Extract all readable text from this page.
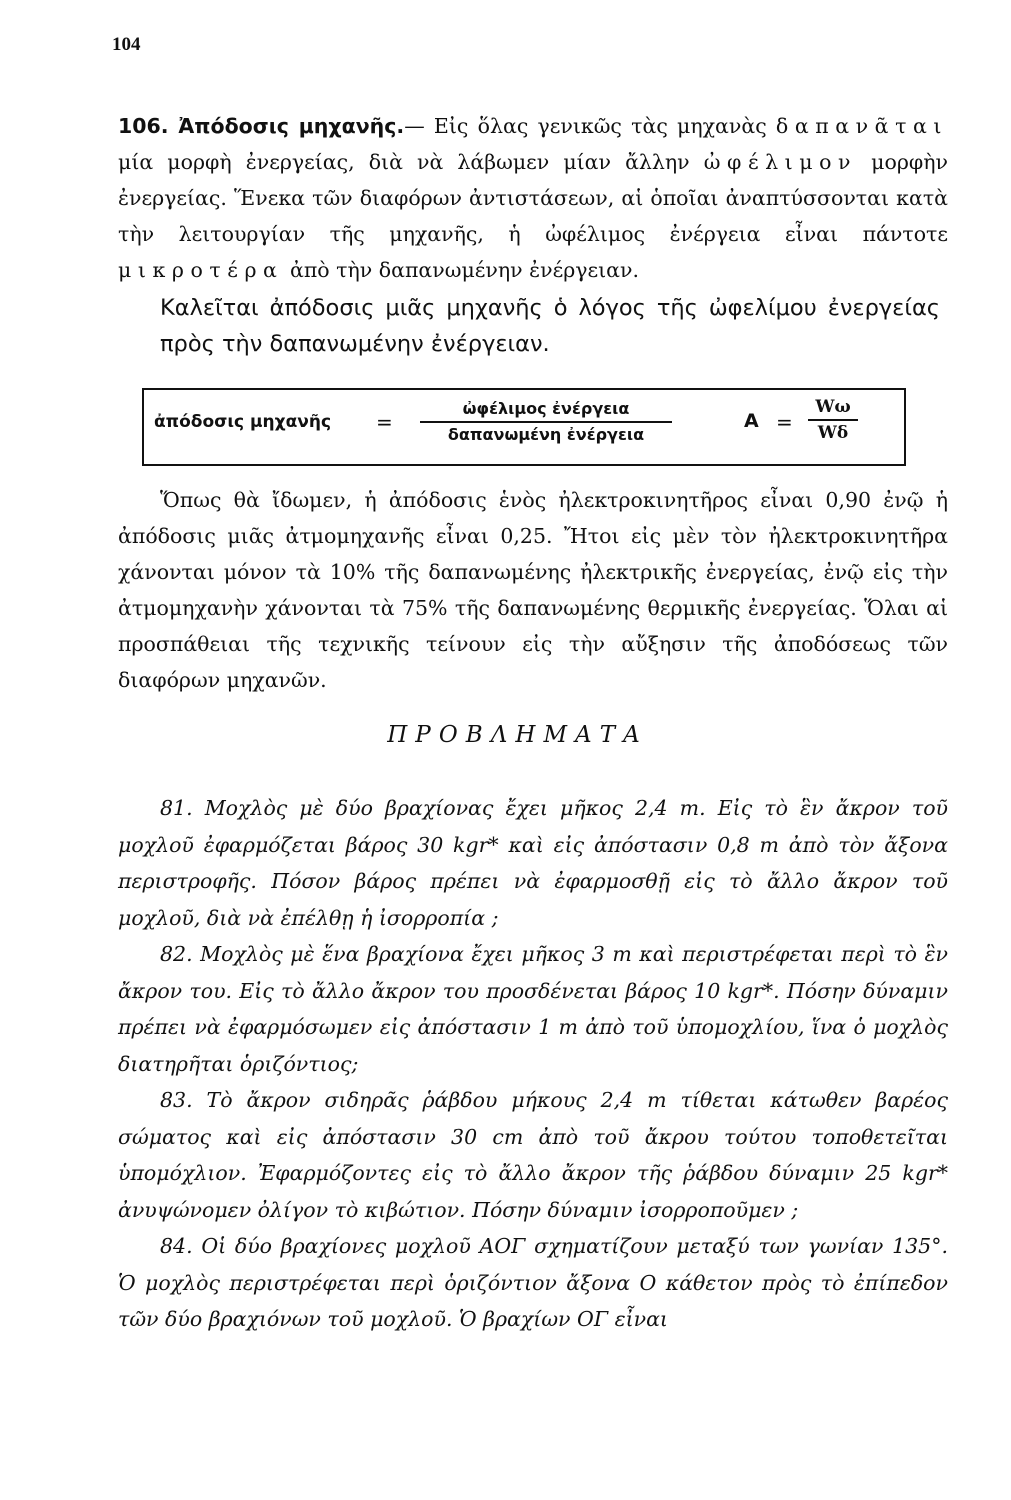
104
106. Ἀπόδοσις μηχανῆς.— Εἰς ὅλας γενικῶς τὰς μηχανὰς δαπανᾶται μία μορφὴ ἐνεργείας, διὰ νὰ λάβωμεν μίαν ἄλλην ὠφέλιμον μορφὴν ἐνεργείας. Ἕνεκα τῶν διαφόρων ἀντιστάσεων, αἱ ὁποῖαι ἀναπτύσσονται κατὰ τὴν λειτουργίαν τῆς μηχανῆς, ἡ ὠφέλιμος ἐνέργεια εἶναι πάντοτε μικροτέρα ἀπὸ τὴν δαπανωμένην ἐνέργειαν.
Καλεῖται ἀπόδοσις μιᾶς μηχανῆς ὁ λόγος τῆς ὠφελίμου ἐνεργείας πρὸς τὴν δαπανωμένην ἐνέργειαν.
ἀπόδοσις μηχανῆς =
ὠφέλιμος ἐνέργεια
δαπανωμένη ἐνέργεια
A =
Wω
Wδ
Ὅπως θὰ ἴδωμεν, ἡ ἀπόδοσις ἑνὸς ἠλεκτροκινητῆρος εἶναι 0,90 ἐνῷ ἡ ἀπόδοσις μιᾶς ἀτμομηχανῆς εἶναι 0,25. Ἤτοι εἰς μὲν τὸν ἠλεκτροκινητῆρα χάνονται μόνον τὰ 10% τῆς δαπανωμένης ἠλεκτρικῆς ἐνεργείας, ἐνῷ εἰς τὴν ἀτμομηχανὴν χάνονται τὰ 75% τῆς δαπανωμένης θερμικῆς ἐνεργείας. Ὅλαι αἱ προσπάθειαι τῆς τεχνικῆς τείνουν εἰς τὴν αὔξησιν τῆς ἀποδόσεως τῶν διαφόρων μηχανῶν.
ΠΡΟΒΛΗΜΑΤΑ

81. Μοχλὸς μὲ δύο βραχίονας ἔχει μῆκος 2,4 m. Εἰς τὸ ἓν ἄκρον τοῦ μοχλοῦ ἐφαρμόζεται βάρος 30 kgr* καὶ εἰς ἀπόστασιν 0,8 m ἀπὸ τὸν ἄξονα περιστροφῆς. Πόσον βάρος πρέπει νὰ ἐφαρμοσθῇ εἰς τὸ ἄλλο ἄκρον τοῦ μοχλοῦ, διὰ νὰ ἐπέλθῃ ἡ ἰσορροπία ;

82. Μοχλὸς μὲ ἕνα βραχίονα ἔχει μῆκος 3 m καὶ περιστρέφεται περὶ τὸ ἓν ἄκρον του. Εἰς τὸ ἄλλο ἄκρον του προσδένεται βάρος 10 kgr*. Πόσην δύναμιν πρέπει νὰ ἐφαρμόσωμεν εἰς ἀπόστασιν 1 m ἀπὸ τοῦ ὑπομοχλίου, ἵνα ὁ μοχλὸς διατηρῆται ὁριζόντιος;

83. Τὸ ἄκρον σιδηρᾶς ῥάβδου μήκους 2,4 m τίθεται κάτωθεν βαρέος σώματος καὶ εἰς ἀπόστασιν 30 cm ἀπὸ τοῦ ἄκρου τούτου τοποθετεῖται ὑπομόχλιον. Ἐφαρμόζοντες εἰς τὸ ἄλλο ἄκρον τῆς ῥάβδου δύναμιν 25 kgr* ἀνυψώνομεν ὀλίγον τὸ κιβώτιον. Πόσην δύναμιν ἰσορροποῦμεν ;

84. Οἱ δύο βραχίονες μοχλοῦ ΑΟΓ σχηματίζουν μεταξύ των γωνίαν 135°. Ὁ μοχλὸς περιστρέφεται περὶ ὁριζόντιον ἄξονα Ο κάθετον πρὸς τὸ ἐπίπεδον τῶν δύο βραχιόνων τοῦ μοχλοῦ. Ὁ βραχίων ΟΓ εἶναι
